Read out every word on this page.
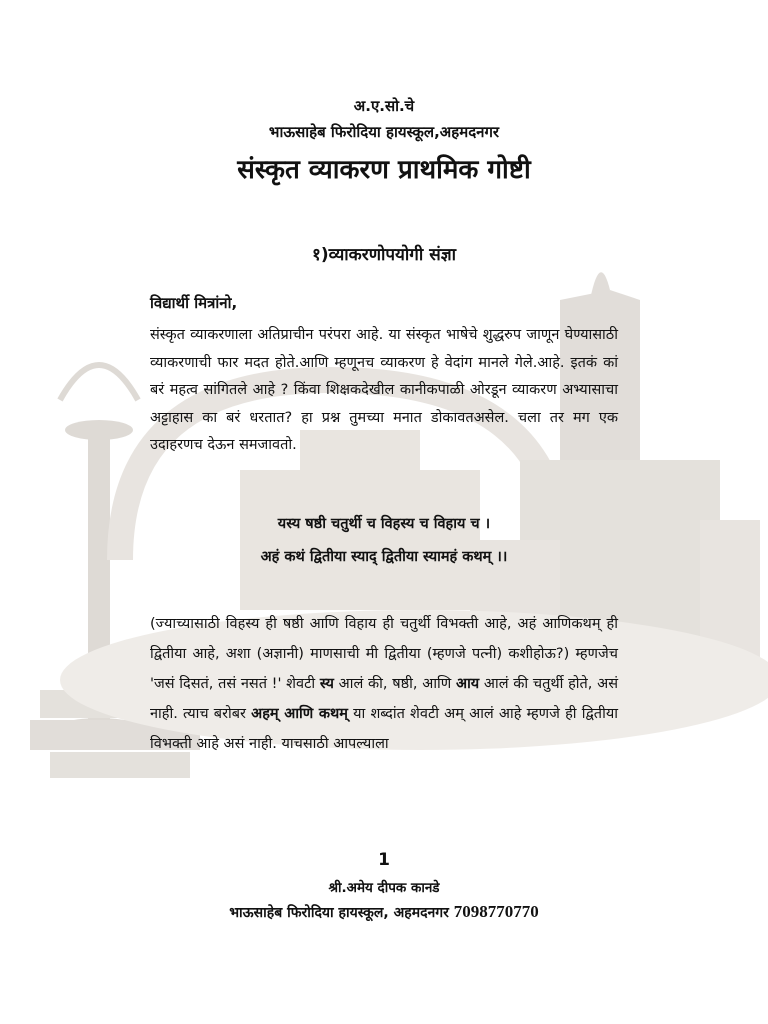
अ.ए.सो.चे
भाऊसाहेब फिरोदिया हायस्कूल,अहमदनगर
संस्कृत व्याकरण प्राथमिक गोष्टी
१)व्याकरणोपयोगी संज्ञा
विद्यार्थी मित्रांनो,
संस्कृत व्याकरणाला अतिप्राचीन परंपरा आहे. या संस्कृत भाषेचे शुद्धरुप जाणून घेण्यासाठी व्याकरणाची फार मदत होते.आणि म्हणूनच व्याकरण हे वेदांग मानले गेले.आहे. इतकं कां बरं महत्व सांगितले आहे ? किंवा शिक्षकदेखील कानीकपाळी ओरडून व्याकरण अभ्यासाचा अट्टाहास का बरं धरतात? हा प्रश्न तुमच्या मनात डोकावतअसेल. चला तर मग एक उदाहरणच देऊन समजावतो.
यस्य षष्ठी चतुर्थी च विहस्य च विहाय च ।
अहं कथं द्वितीया स्याद् द्वितीया स्यामहं कथम् ।।
(ज्याच्यासाठी विहस्य ही षष्ठी आणि विहाय ही चतुर्थी विभक्ती आहे, अहं आणिकथम् ही द्वितीया आहे, अशा (अज्ञानी) माणसाची मी द्वितीया (म्हणजे पत्नी) कशीहोऊ?) म्हणजेच 'जसं दिसतं, तसं नसतं !' शेवटी स्य आलं की, षष्ठी, आणि आय आलं की चतुर्थी होते, असं नाही. त्याच बरोबर अहम् आणि कथम् या शब्दांत शेवटी अम् आलं आहे म्हणजे ही द्वितीया विभक्ती आहे असं नाही. याचसाठी आपल्याला
1
श्री.अमेय दीपक कानडे
भाऊसाहेब फिरोदिया हायस्कूल, अहमदनगर 7098770770
